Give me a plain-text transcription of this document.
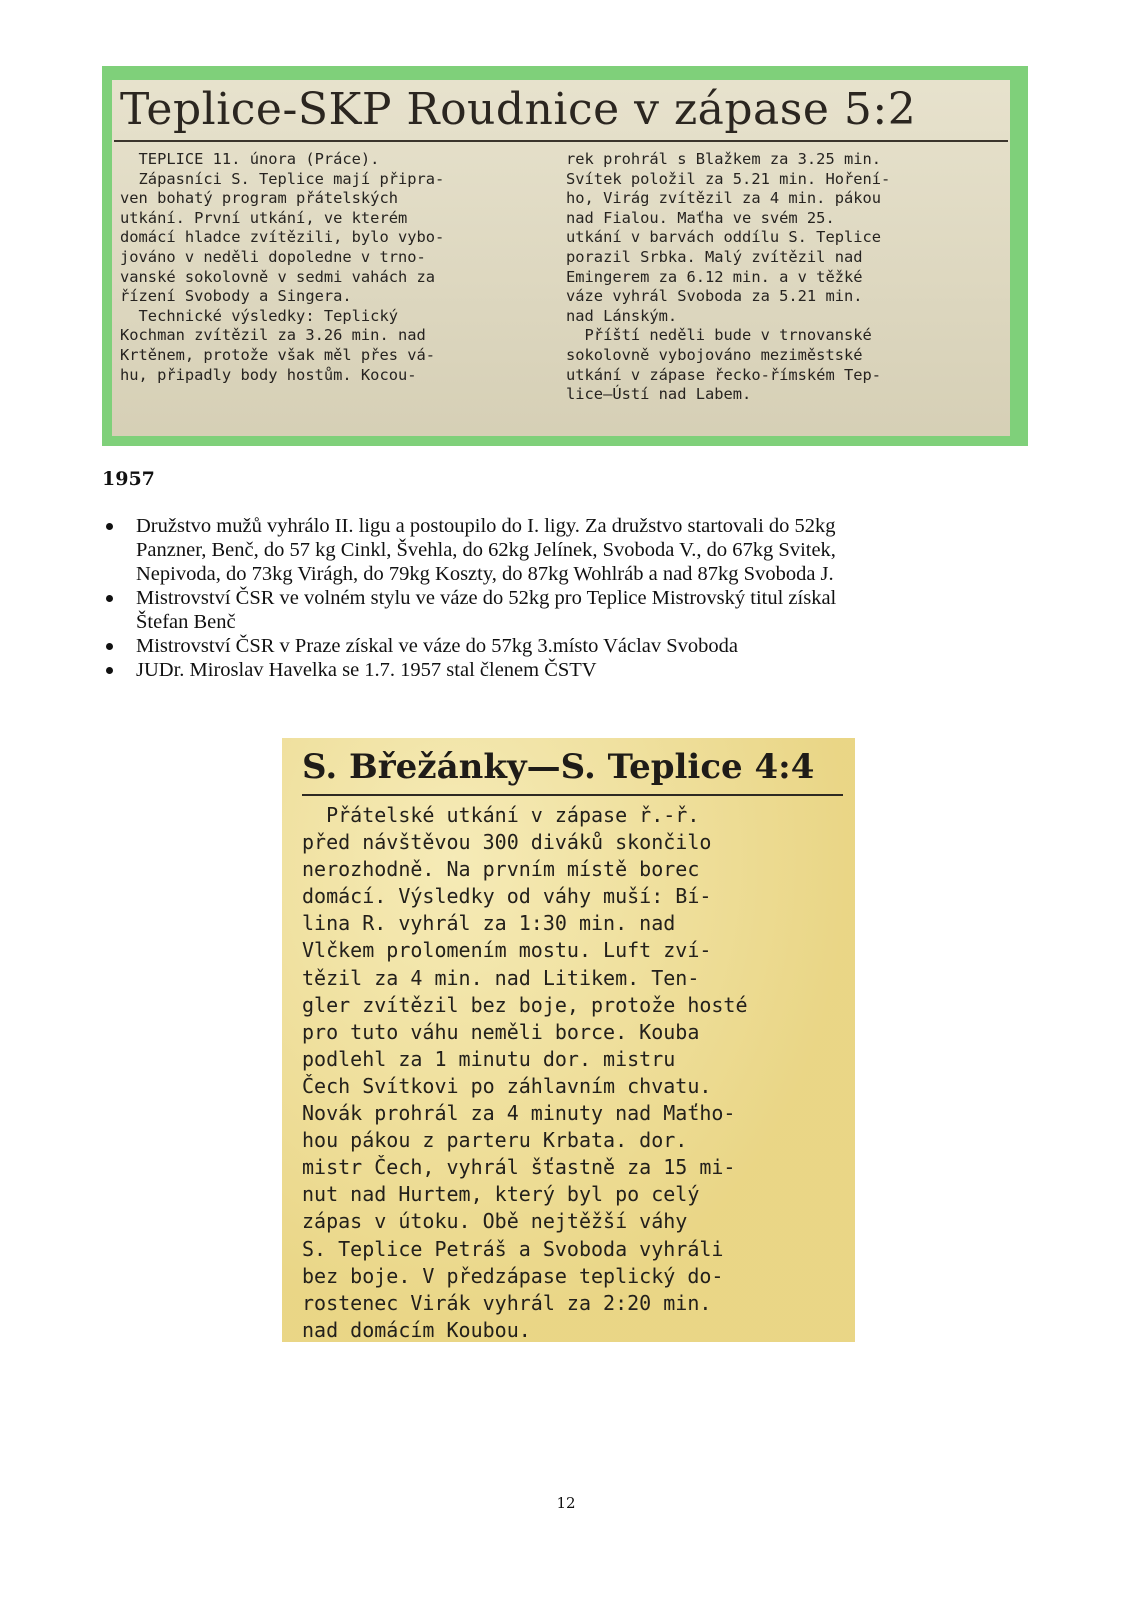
Teplice-SKP Roudnice v zápase 5:2

TEPLICE 11. února (Práce).

Zápasníci S. Teplice mají připra-

ven bohatý program přátelských

utkání. První utkání, ve kterém

domácí hladce zvítězili, bylo vybo-

jováno v neděli dopoledne v trno-

vanské sokolovně v sedmi vahách za

řízení Svobody a Singera.

Technické výsledky: Teplický

Kochman zvítězil za 3.26 min. nad

Krtěnem, protože však měl přes vá-

hu, připadly body hostům. Kocou-

rek prohrál s Blažkem za 3.25 min.

Svítek položil za 5.21 min. Hoření-

ho, Virág zvítězil za 4 min. pákou

nad Fialou. Maťha ve svém 25.

utkání v barvách oddílu S. Teplice

porazil Srbka. Malý zvítězil nad

Emingerem za 6.12 min. a v těžké

váze vyhrál Svoboda za 5.21 min.

nad Lánským.

Příští neděli bude v trnovanské

sokolovně vybojováno meziměstské

utkání v zápase řecko-římském Tep-

lice—Ústí nad Labem.

1957
Družstvo mužů vyhrálo II. ligu a postoupilo do I. ligy. Za družstvo startovali do 52kg
Panzner, Benč, do 57 kg Cinkl, Švehla, do 62kg Jelínek, Svoboda V., do 67kg Svitek,
Nepivoda, do 73kg Virágh, do 79kg Koszty, do 87kg Wohlráb a nad 87kg Svoboda J.
Mistrovství ČSR ve volném stylu ve váze do 52kg pro Teplice Mistrovský titul získal
Štefan Benč
Mistrovství ČSR v Praze získal ve váze do 57kg 3.místo Václav Svoboda
JUDr. Miroslav Havelka se 1.7. 1957 stal členem ČSTV
S. Břežánky—S. Teplice 4:4

Přátelské utkání v zápase ř.-ř.

před návštěvou 300 diváků skončilo

nerozhodně. Na prvním místě borec

domácí. Výsledky od váhy muší: Bí-

lina R. vyhrál za 1:30 min. nad

Vlčkem prolomením mostu. Luft zví-

tězil za 4 min. nad Litikem. Ten-

gler zvítězil bez boje, protože hosté

pro tuto váhu neměli borce. Kouba

podlehl za 1 minutu dor. mistru

Čech Svítkovi po záhlavním chvatu.

Novák prohrál za 4 minuty nad Maťho-

hou pákou z parteru Krbata. dor.

mistr Čech, vyhrál šťastně za 15 mi-

nut nad Hurtem, který byl po celý

zápas v útoku. Obě nejtěžší váhy

S. Teplice Petráš a Svoboda vyhráli

bez boje. V předzápase teplický do-

rostenec Virák vyhrál za 2:20 min.

nad domácím Koubou.

12
